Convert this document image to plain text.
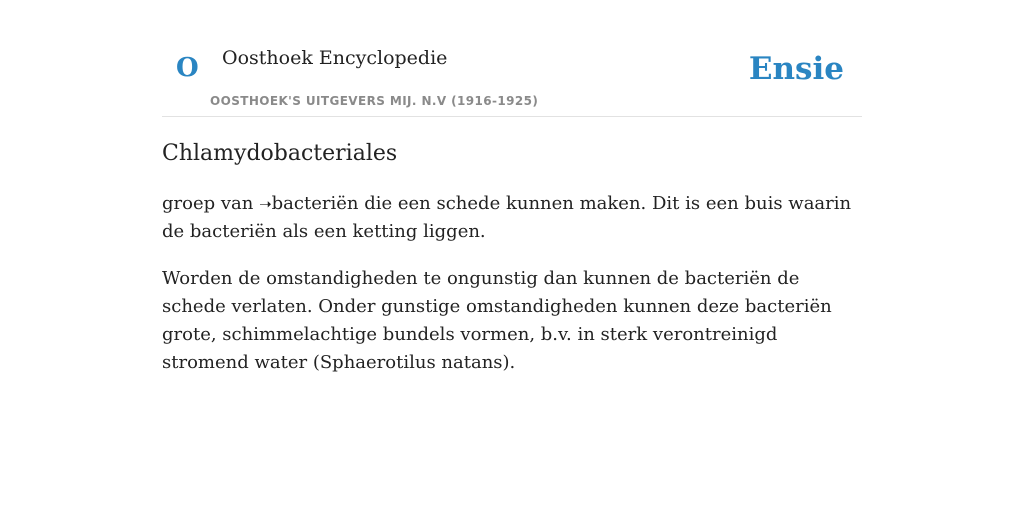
O Oosthoek Encyclopedie
OOSTHOEK'S UITGEVERS MIJ. N.V (1916-1925)
Ensie
Chlamydobacteriales

groep van ➝bacteriën die een schede kunnen maken. Dit is een buis waarin de bacteriën als een ketting liggen.

Worden de omstandigheden te ongunstig dan kunnen de bacteriën de schede verlaten. Onder gunstige omstandigheden kunnen deze bacteriën grote, schimmelachtige bundels vormen, b.v. in sterk verontreinigd stromend water (Sphaerotilus natans).
